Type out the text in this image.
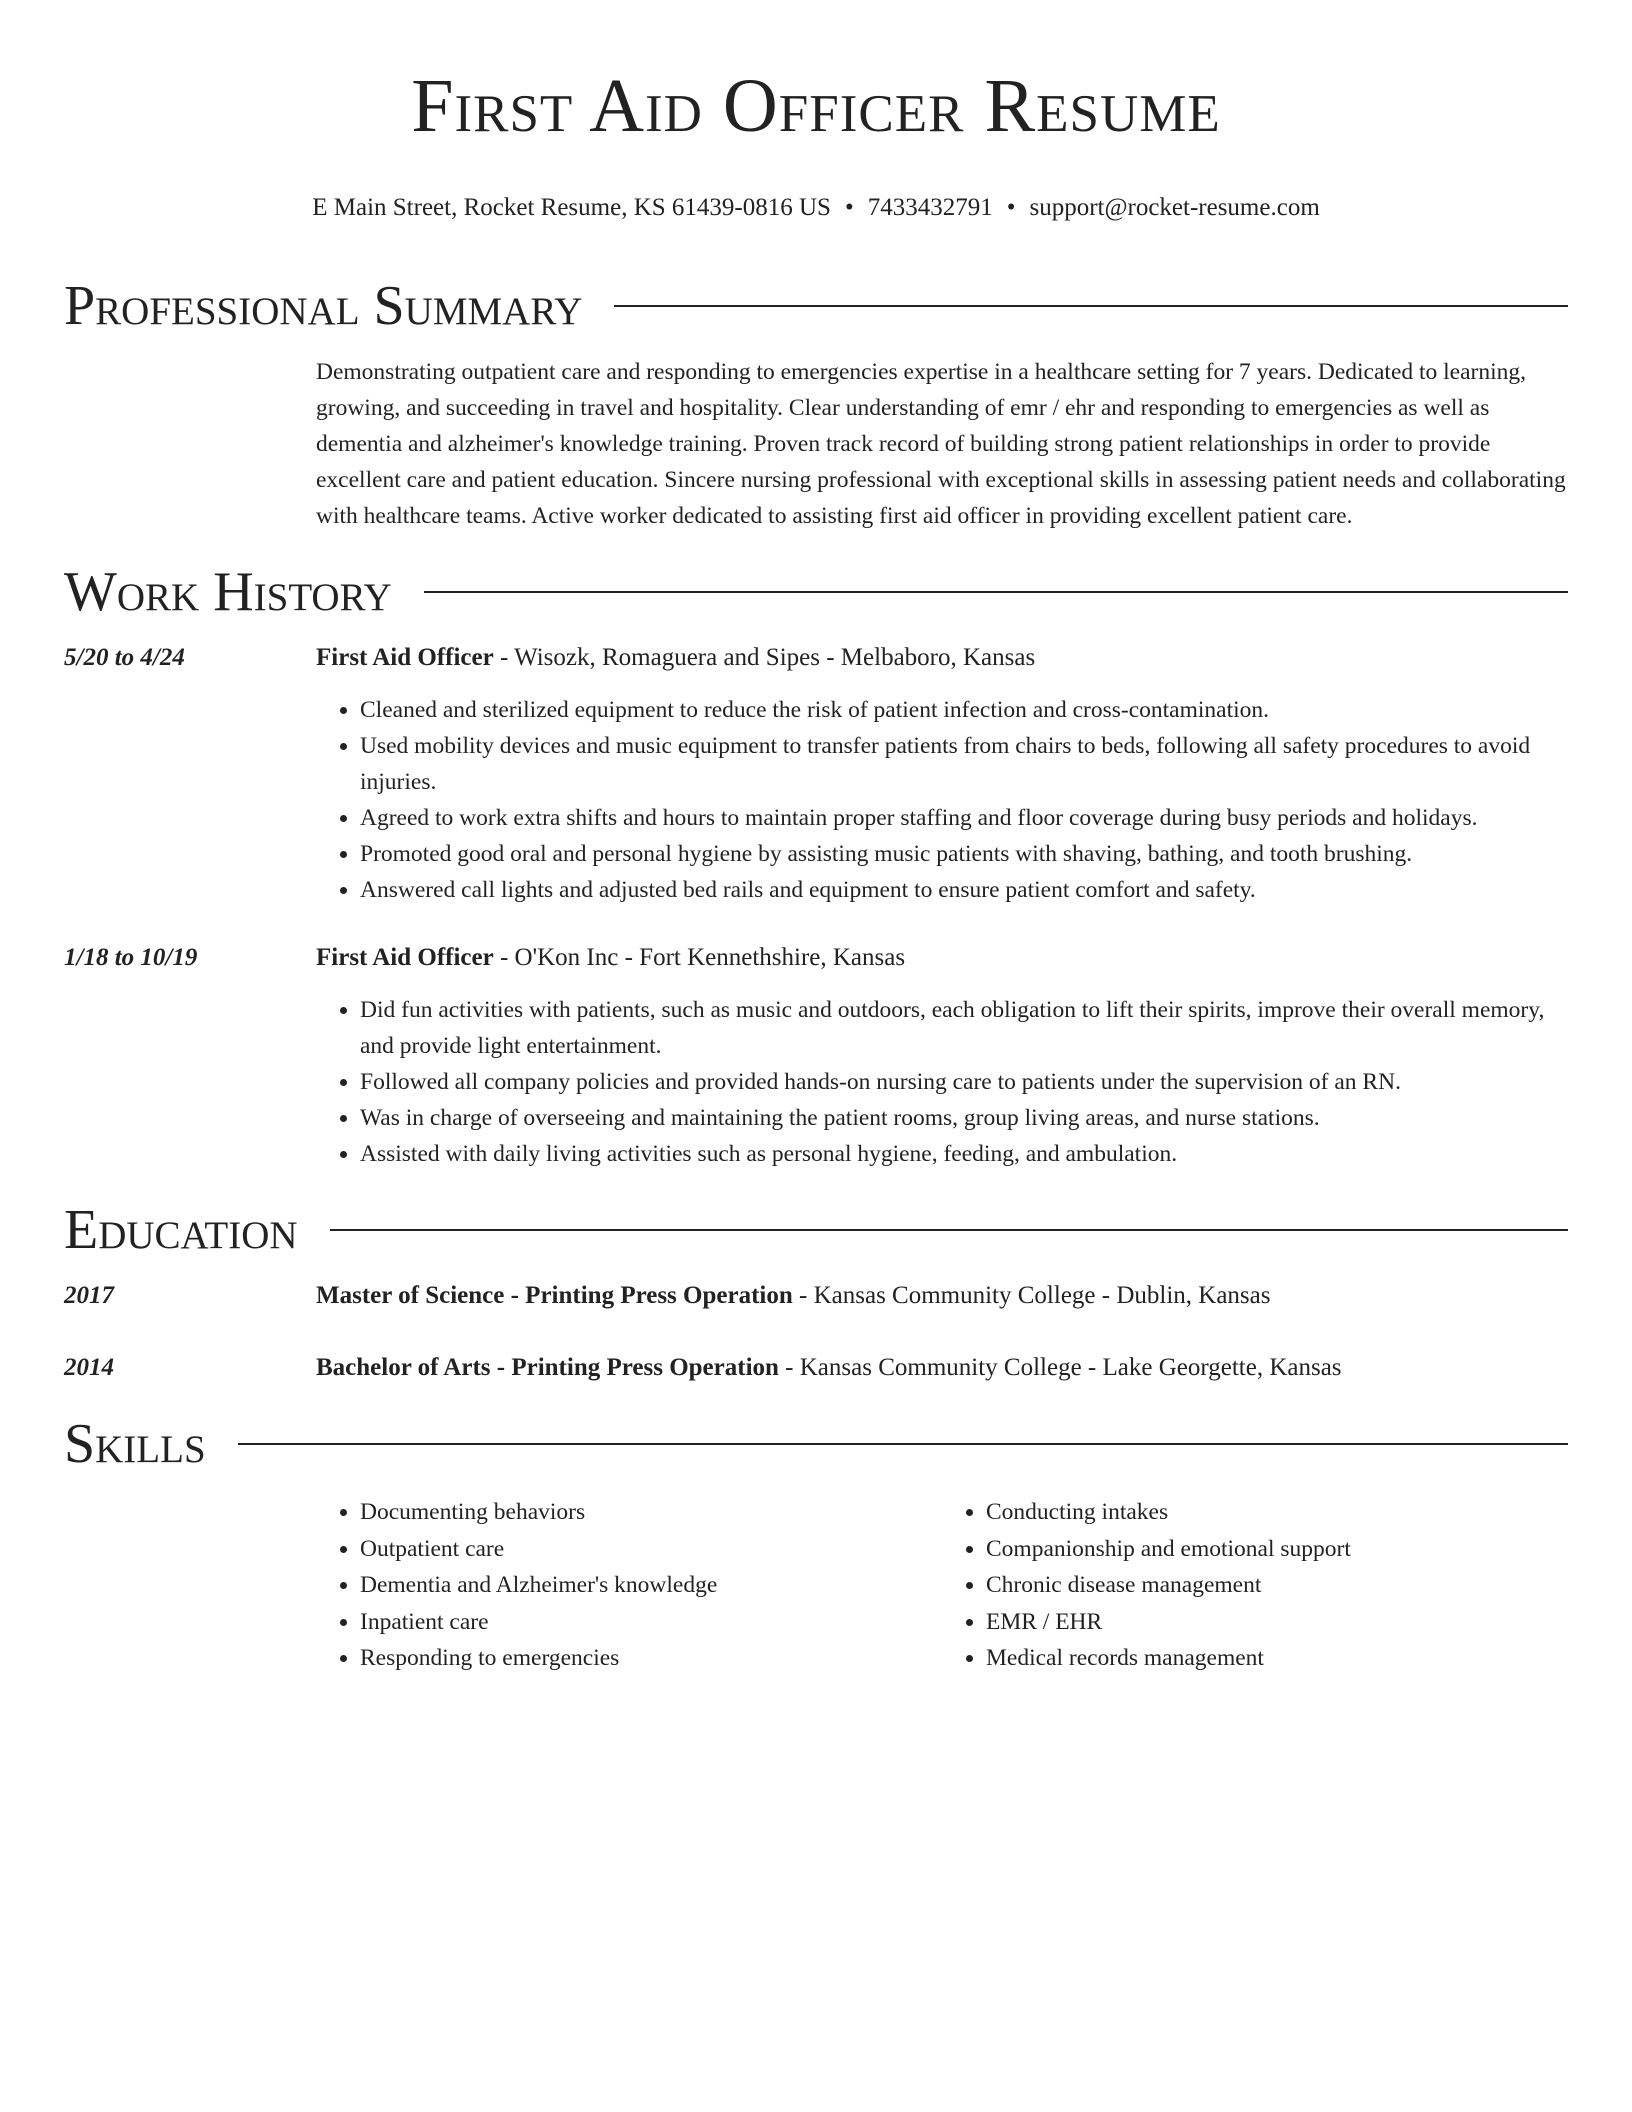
First Aid Officer Resume
E Main Street, Rocket Resume, KS 61439-0816 US • 7433432791 • support@rocket-resume.com
Professional Summary
Demonstrating outpatient care and responding to emergencies expertise in a healthcare setting for 7 years. Dedicated to learning, growing, and succeeding in travel and hospitality. Clear understanding of emr / ehr and responding to emergencies as well as dementia and alzheimer's knowledge training. Proven track record of building strong patient relationships in order to provide excellent care and patient education. Sincere nursing professional with exceptional skills in assessing patient needs and collaborating with healthcare teams. Active worker dedicated to assisting first aid officer in providing excellent patient care.
Work History
5/20 to 4/24	First Aid Officer - Wisozk, Romaguera and Sipes - Melbaboro, Kansas
• Cleaned and sterilized equipment to reduce the risk of patient infection and cross-contamination.
• Used mobility devices and music equipment to transfer patients from chairs to beds, following all safety procedures to avoid injuries.
• Agreed to work extra shifts and hours to maintain proper staffing and floor coverage during busy periods and holidays.
• Promoted good oral and personal hygiene by assisting music patients with shaving, bathing, and tooth brushing.
• Answered call lights and adjusted bed rails and equipment to ensure patient comfort and safety.
1/18 to 10/19	First Aid Officer - O'Kon Inc - Fort Kennethshire, Kansas
• Did fun activities with patients, such as music and outdoors, each obligation to lift their spirits, improve their overall memory, and provide light entertainment.
• Followed all company policies and provided hands-on nursing care to patients under the supervision of an RN.
• Was in charge of overseeing and maintaining the patient rooms, group living areas, and nurse stations.
• Assisted with daily living activities such as personal hygiene, feeding, and ambulation.
Education
2017	Master of Science - Printing Press Operation - Kansas Community College - Dublin, Kansas
2014	Bachelor of Arts - Printing Press Operation - Kansas Community College - Lake Georgette, Kansas
Skills
• Documenting behaviors
• Outpatient care
• Dementia and Alzheimer's knowledge
• Inpatient care
• Responding to emergencies
• Conducting intakes
• Companionship and emotional support
• Chronic disease management
• EMR / EHR
• Medical records management
